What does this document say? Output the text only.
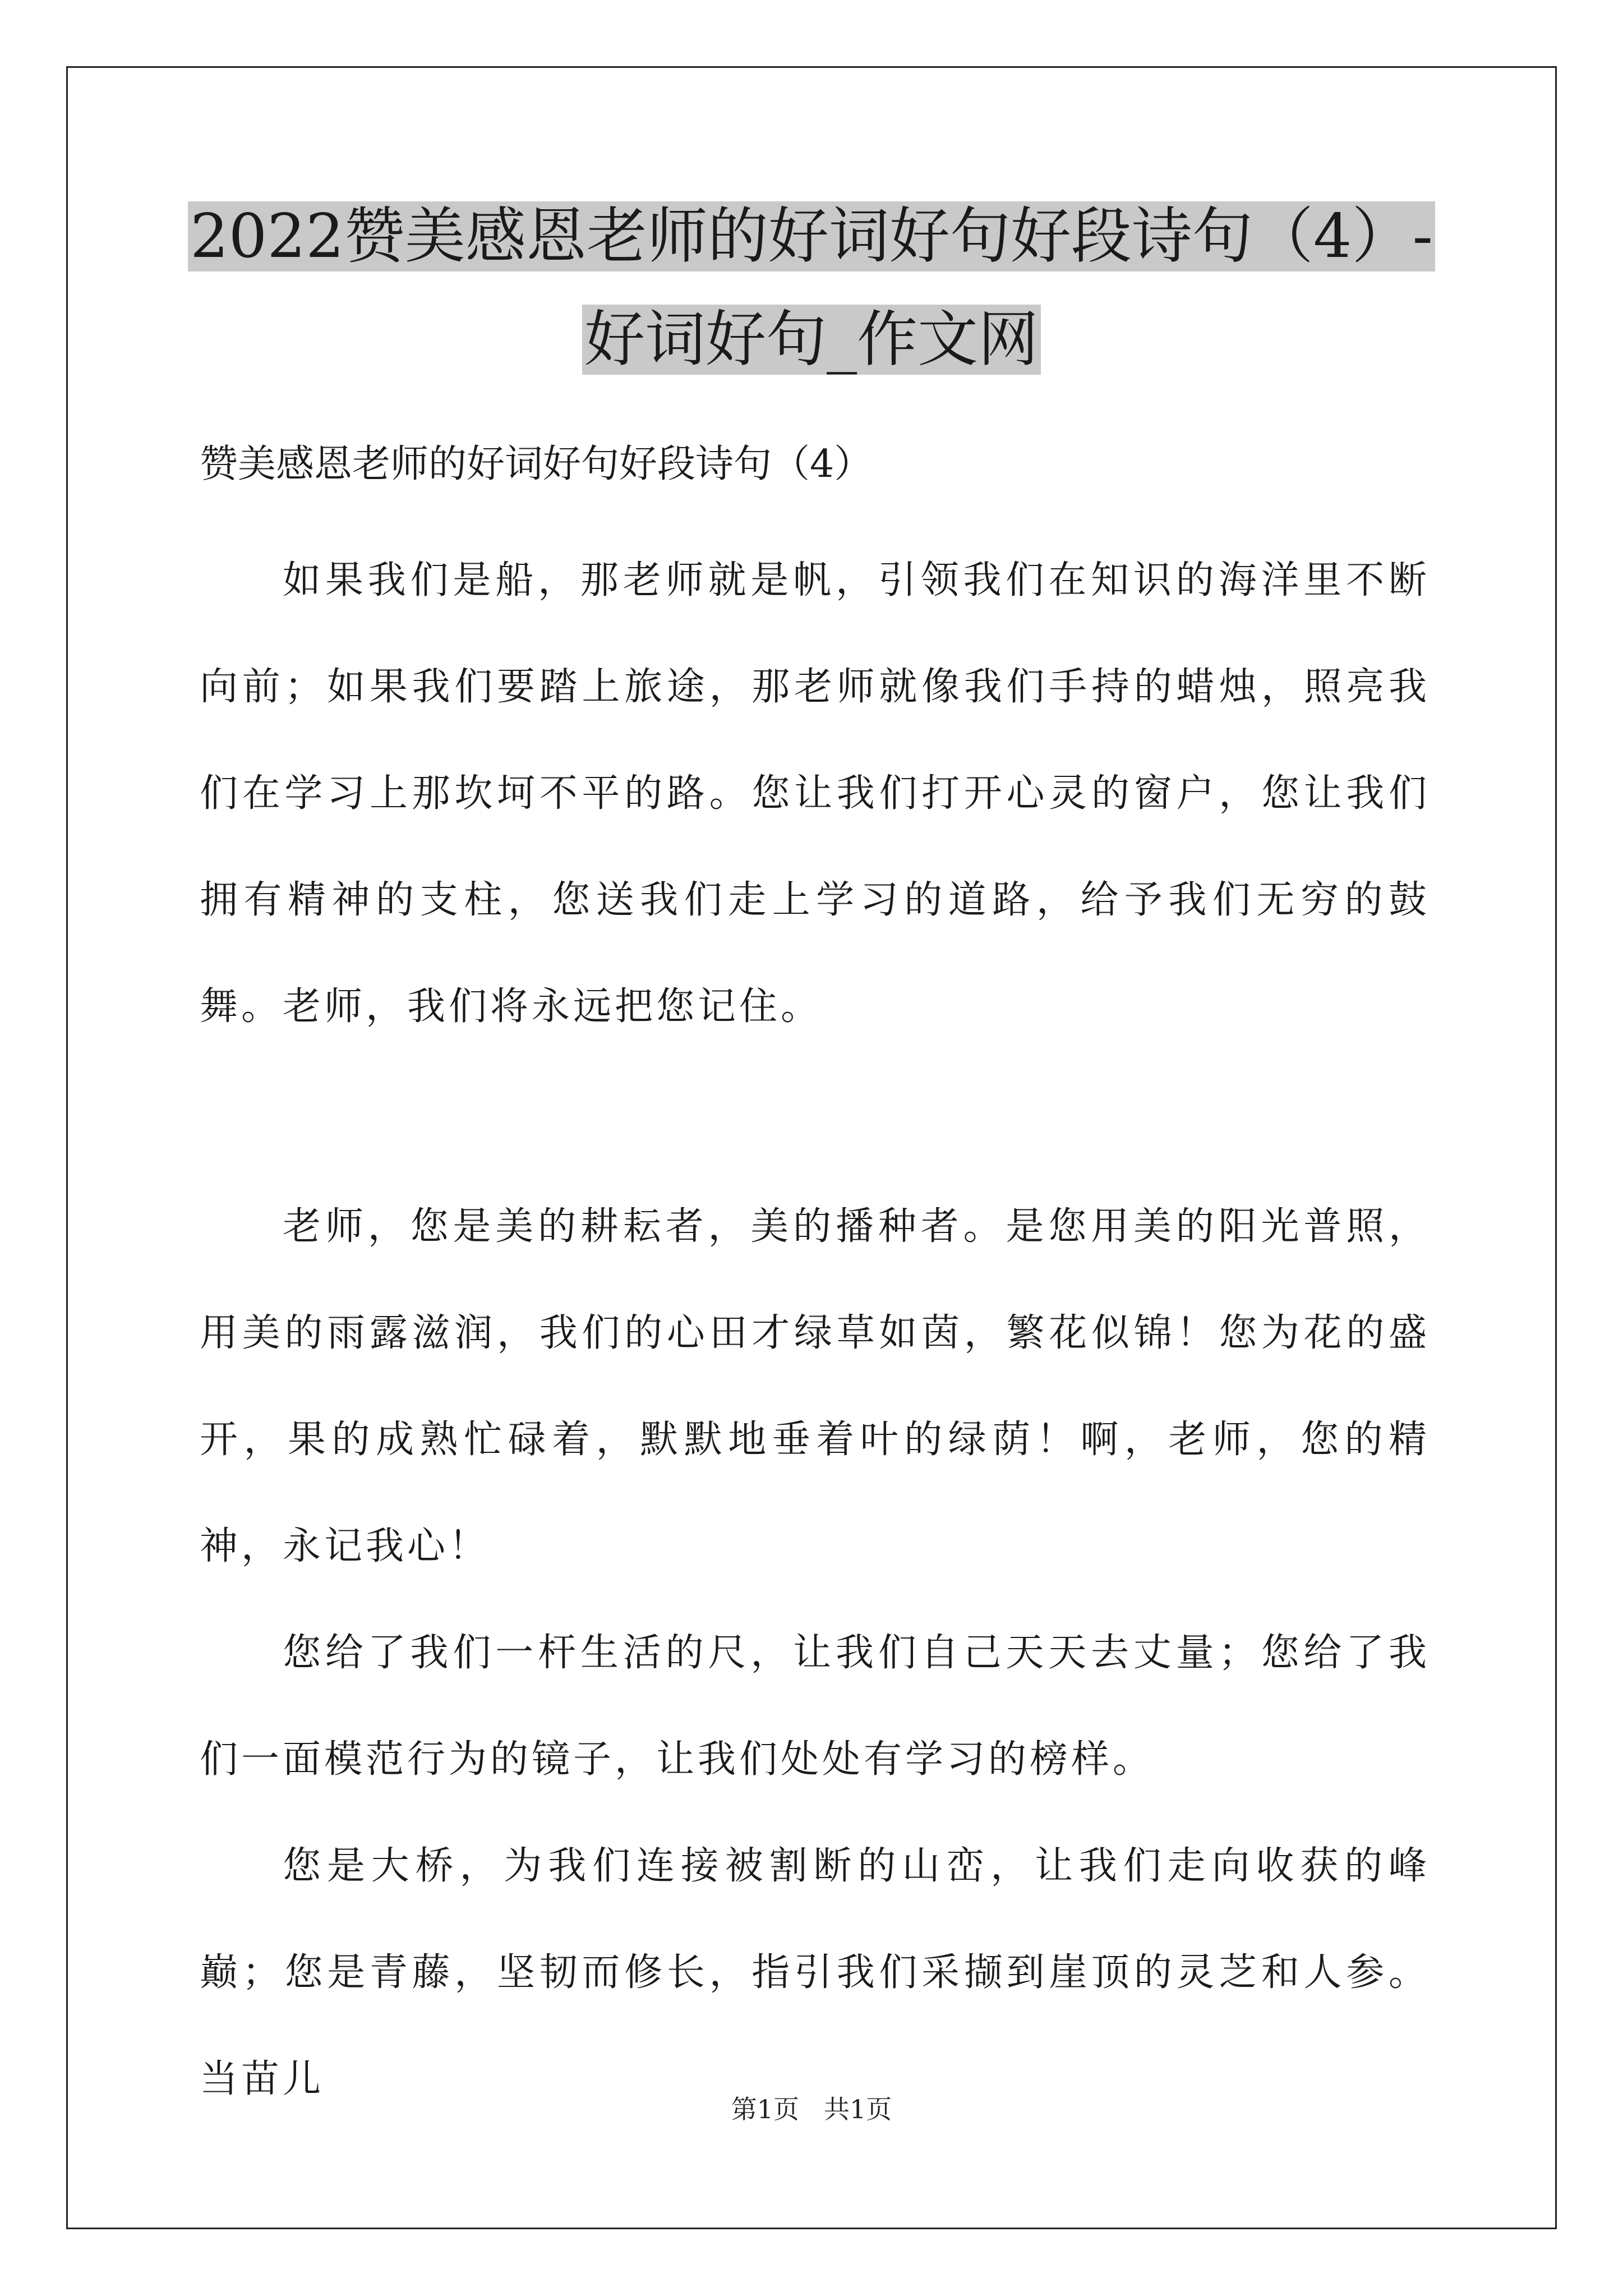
2022赞美感恩老师的好词好句好段诗句（4）-
好词好句_作文网

赞美感恩老师的好词好句好段诗句（4）

如果我们是船，那老师就是帆，引领我们在知识的海洋里不断向前；如果我们要踏上旅途，那老师就像我们手持的蜡烛，照亮我们在学习上那坎坷不平的路。您让我们打开心灵的窗户，您让我们拥有精神的支柱，您送我们走上学习的道路，给予我们无穷的鼓舞。老师，我们将永远把您记住。

老师，您是美的耕耘者，美的播种者。是您用美的阳光普照，用美的雨露滋润，我们的心田才绿草如茵，繁花似锦！您为花的盛开，果的成熟忙碌着，默默地垂着叶的绿荫！啊，老师，您的精神，永记我心！

您给了我们一杆生活的尺，让我们自己天天去丈量；您给了我们一面模范行为的镜子，让我们处处有学习的榜样。

您是大桥，为我们连接被割断的山峦，让我们走向收获的峰巅；您是青藤，坚韧而修长，指引我们采撷到崖顶的灵芝和人参。当苗儿

第1页 共1页
